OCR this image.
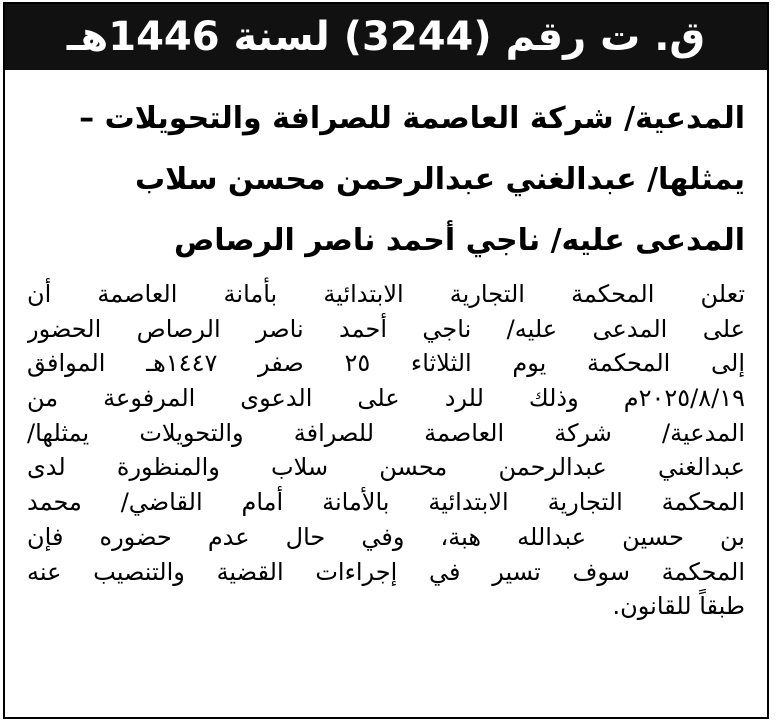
ق. ت رقم (3244) لسنة 1446هـ
المدعية/ شركة العاصمة للصرافة والتحويلات –
يمثلها/ عبدالغني عبدالرحمن محسن سلاب
المدعى عليه/ ناجي أحمد ناصر الرصاص
تعلن المحكمة التجارية الابتدائية بأمانة العاصمة أن
على المدعى عليه/ ناجي أحمد ناصر الرصاص الحضور
إلى المحكمة يوم الثلاثاء ٢٥ صفر ١٤٤٧هـ الموافق
٢٠٢٥/٨/١٩م وذلك للرد على الدعوى المرفوعة من
المدعية/ شركة العاصمة للصرافة والتحويلات يمثلها/
عبدالغني عبدالرحمن محسن سلاب والمنظورة لدى
المحكمة التجارية الابتدائية بالأمانة أمام القاضي/ محمد
بن حسين عبدالله هبة، وفي حال عدم حضوره فإن
المحكمة سوف تسير في إجراءات القضية والتنصيب عنه
طبقاً للقانون.
